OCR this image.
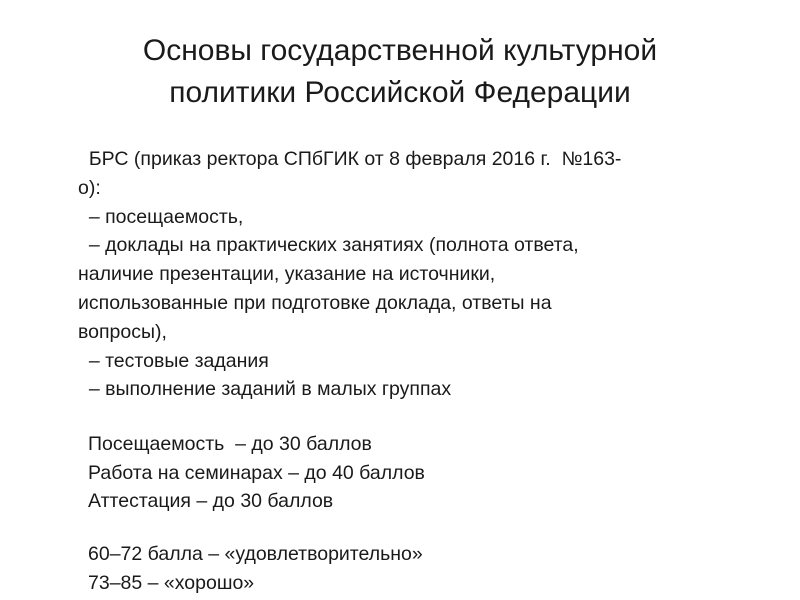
Основы государственной культурной
политики Российской Федерации
БРС (приказ ректора СПбГИК от 8 февраля 2016 г.  №163-
о):
– посещаемость,
– доклады на практических занятиях (полнота ответа,
наличие презентации, указание на источники,
использованные при подготовке доклада, ответы на
вопросы),
– тестовые задания
– выполнение заданий в малых группах
Посещаемость  – до 30 баллов
Работа на семинарах – до 40 баллов
Аттестация – до 30 баллов
60–72 балла – «удовлетворительно»
73–85 – «хорошо»
